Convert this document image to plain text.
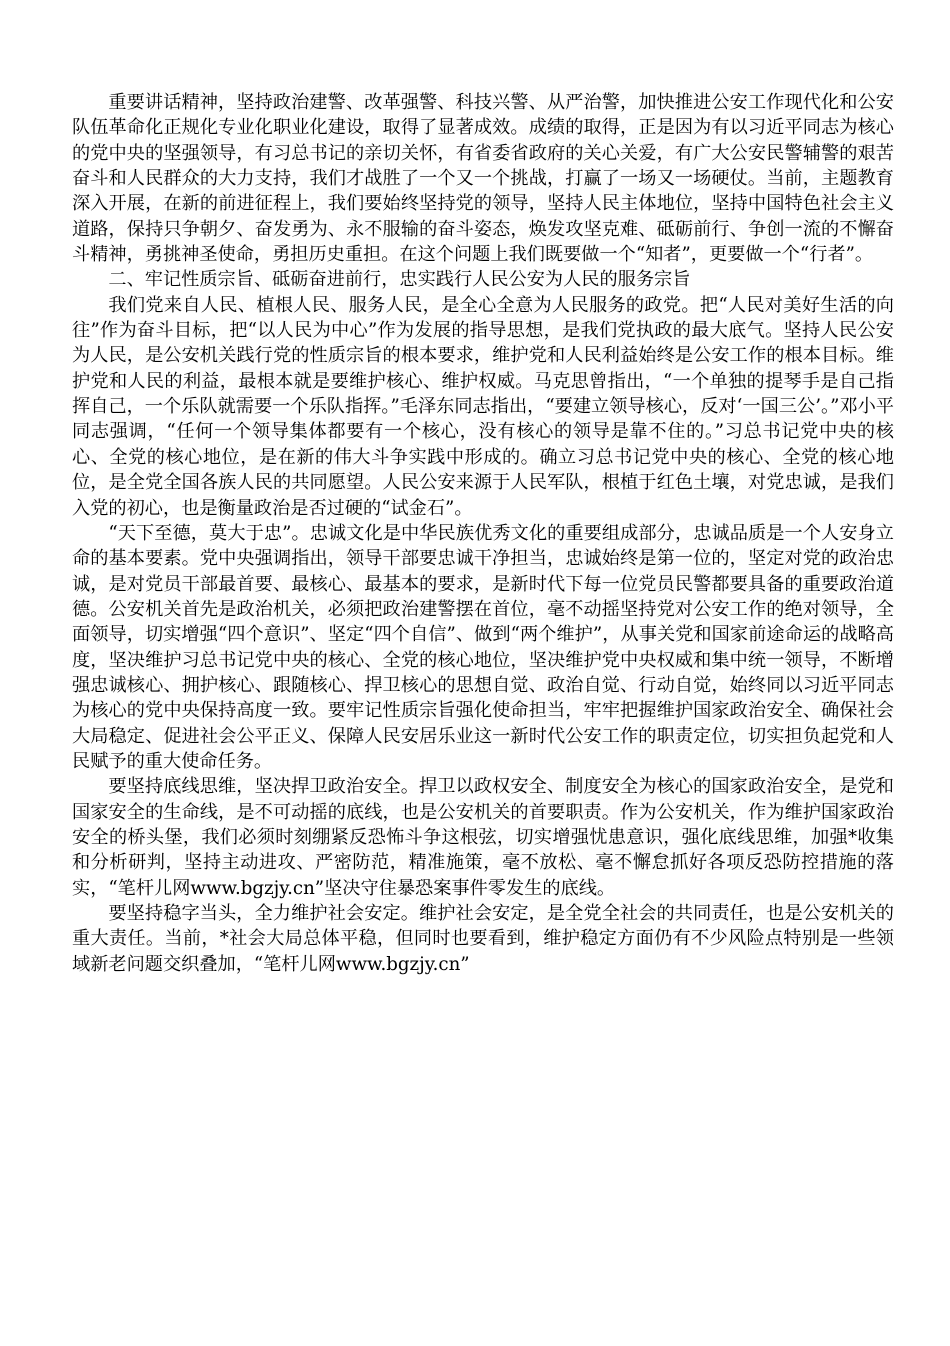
重要讲话精神，坚持政治建警、改革强警、科技兴警、从严治警，加快推进公安工作现代化和公安队伍革命化正规化专业化职业化建设，取得了显著成效。成绩的取得，正是因为有以习近平同志为核心的党中央的坚强领导，有习总书记的亲切关怀，有省委省政府的关心关爱，有广大公安民警辅警的艰苦奋斗和人民群众的大力支持，我们才战胜了一个又一个挑战，打赢了一场又一场硬仗。当前，主题教育深入开展，在新的前进征程上，我们要始终坚持党的领导，坚持人民主体地位，坚持中国特色社会主义道路，保持只争朝夕、奋发勇为、永不服输的奋斗姿态，焕发攻坚克难、砥砺前行、争创一流的不懈奋斗精神，勇挑神圣使命，勇担历史重担。在这个问题上我们既要做一个“知者”，更要做一个“行者”。

二、牢记性质宗旨、砥砺奋进前行，忠实践行人民公安为人民的服务宗旨

我们党来自人民、植根人民、服务人民，是全心全意为人民服务的政党。把“人民对美好生活的向往”作为奋斗目标，把“以人民为中心”作为发展的指导思想，是我们党执政的最大底气。坚持人民公安为人民，是公安机关践行党的性质宗旨的根本要求，维护党和人民利益始终是公安工作的根本目标。维护党和人民的利益，最根本就是要维护核心、维护权威。马克思曾指出，“一个单独的提琴手是自己指挥自己，一个乐队就需要一个乐队指挥。”毛泽东同志指出，“要建立领导核心，反对‘一国三公’。”邓小平同志强调，“任何一个领导集体都要有一个核心，没有核心的领导是靠不住的。”习总书记党中央的核心、全党的核心地位，是在新的伟大斗争实践中形成的。确立习总书记党中央的核心、全党的核心地位，是全党全国各族人民的共同愿望。人民公安来源于人民军队，根植于红色土壤，对党忠诚，是我们入党的初心，也是衡量政治是否过硬的“试金石”。

“天下至德，莫大于忠”。忠诚文化是中华民族优秀文化的重要组成部分，忠诚品质是一个人安身立命的基本要素。党中央强调指出，领导干部要忠诚干净担当，忠诚始终是第一位的，坚定对党的政治忠诚，是对党员干部最首要、最核心、最基本的要求，是新时代下每一位党员民警都要具备的重要政治道德。公安机关首先是政治机关，必须把政治建警摆在首位，毫不动摇坚持党对公安工作的绝对领导，全面领导，切实增强“四个意识”、坚定“四个自信”、做到“两个维护”，从事关党和国家前途命运的战略高度，坚决维护习总书记党中央的核心、全党的核心地位，坚决维护党中央权威和集中统一领导，不断增强忠诚核心、拥护核心、跟随核心、捍卫核心的思想自觉、政治自觉、行动自觉，始终同以习近平同志为核心的党中央保持高度一致。要牢记性质宗旨强化使命担当，牢牢把握维护国家政治安全、确保社会大局稳定、促进社会公平正义、保障人民安居乐业这一新时代公安工作的职责定位，切实担负起党和人民赋予的重大使命任务。

要坚持底线思维，坚决捍卫政治安全。捍卫以政权安全、制度安全为核心的国家政治安全，是党和国家安全的生命线，是不可动摇的底线，也是公安机关的首要职责。作为公安机关，作为维护国家政治安全的桥头堡，我们必须时刻绷紧反恐怖斗争这根弦，切实增强忧患意识，强化底线思维，加强*收集和分析研判，坚持主动进攻、严密防范，精准施策，毫不放松、毫不懈怠抓好各项反恐防控措施的落实，“笔杆儿网www.bgzjy.cn”坚决守住暴恐案事件零发生的底线。

要坚持稳字当头，全力维护社会安定。维护社会安定，是全党全社会的共同责任，也是公安机关的重大责任。当前，*社会大局总体平稳，但同时也要看到，维护稳定方面仍有不少风险点特别是一些领域新老问题交织叠加，“笔杆儿网www.bgzjy.cn”
